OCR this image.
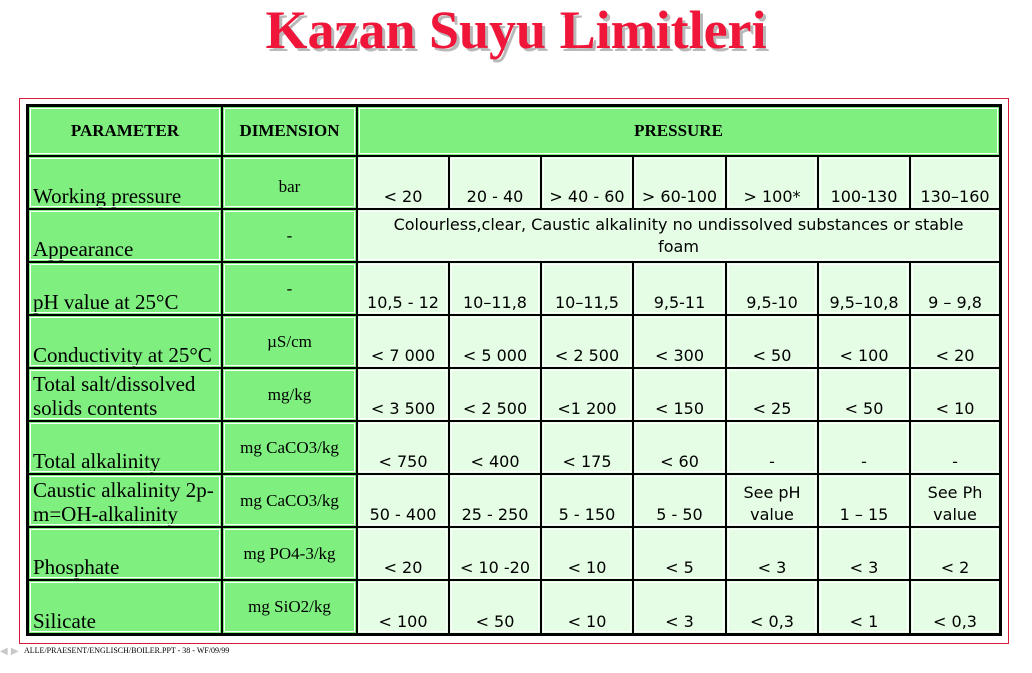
Kazan Suyu Limitleri
PARAMETER	DIMENSION	PRESSURE						
Working pressure	bar	< 20	20 - 40	> 40 - 60	> 60-100	> 100*	100-130	130–160
Appearance	-	Colourless,clear, Caustic alkalinity no undissolved substances or stable foam						
pH value at 25°C	-	10,5 - 12	10–11,8	10–11,5	9,5-11	9,5-10	9,5–10,8	9 – 9,8
Conductivity at 25°C	µS/cm	< 7 000	< 5 000	< 2 500	< 300	< 50	< 100	< 20
Total salt/dissolved solids contents	mg/kg	< 3 500	< 2 500	<1 200	< 150	< 25	< 50	< 10
Total alkalinity	mg CaCO3/kg	< 750	< 400	< 175	< 60	-	-	-
Caustic alkalinity 2p-m=OH-alkalinity	mg CaCO3/kg	50 - 400	25 - 250	5 - 150	5 - 50	See pH value	1 – 15	See Ph value
Phosphate	mg PO4-3/kg	< 20	< 10 -20	< 10	< 5	< 3	< 3	< 2
Silicate	mg SiO2/kg	< 100	< 50	< 10	< 3	< 0,3	< 1	< 0,3
◀ ▶ ALLE/PRAESENT/ENGLISCH/BOILER.PPT - 38 - WF/09/99
